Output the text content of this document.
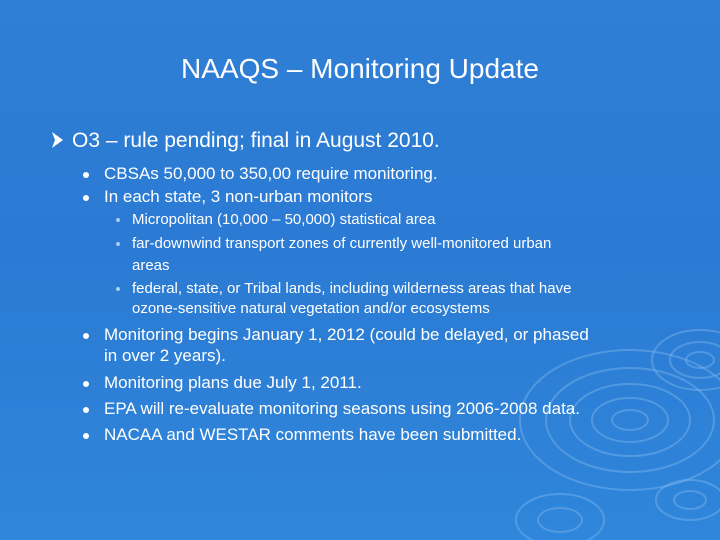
NAAQS – Monitoring Update
O3 – rule pending; final in August 2010.
CBSAs 50,000 to 350,00 require monitoring.
In each state, 3 non-urban monitors
Micropolitan (10,000 – 50,000) statistical area
far-downwind transport zones of currently well-monitored urban
areas
federal, state, or Tribal lands, including wilderness areas that have
ozone-sensitive natural vegetation and/or ecosystems
Monitoring begins January 1, 2012 (could be delayed, or phased
in over 2 years).
Monitoring plans due July 1, 2011.
EPA will re-evaluate monitoring seasons using 2006-2008 data.
NACAA and WESTAR comments have been submitted.
